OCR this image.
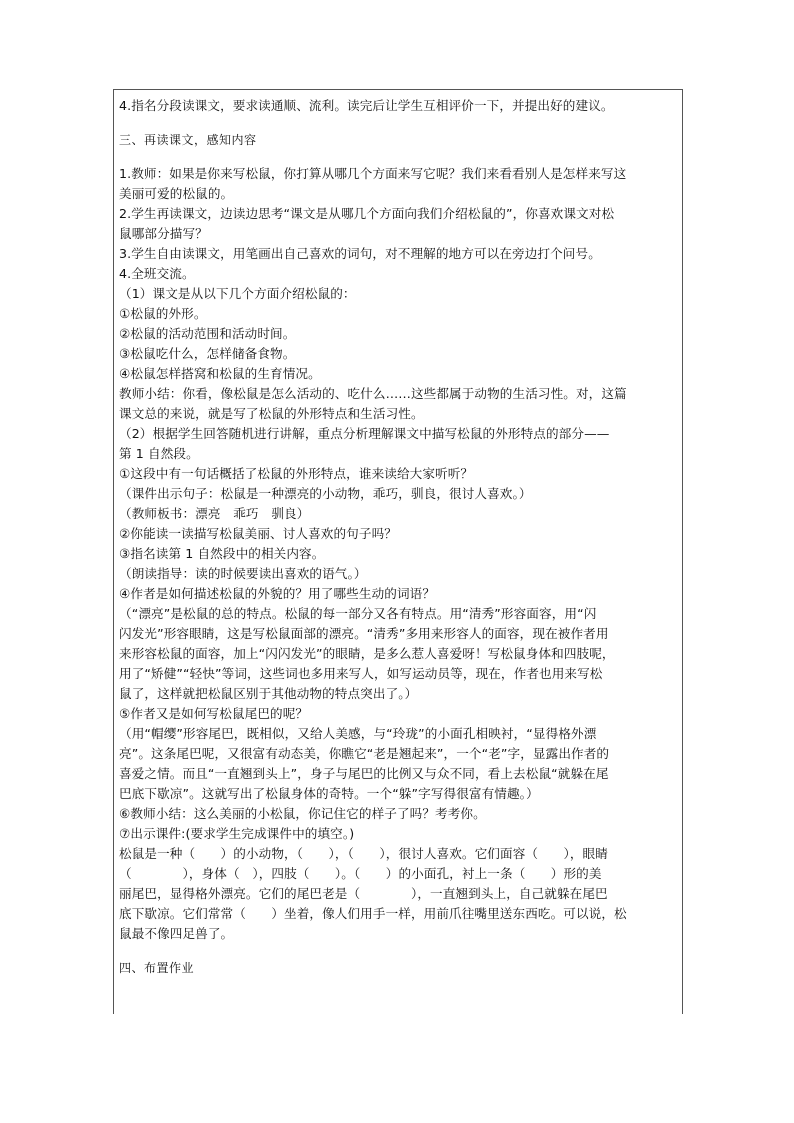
4.指名分段读课文，要求读通顺、流利。读完后让学生互相评价一下，并提出好的建议。

三、再读课文，感知内容

1.教师：如果是你来写松鼠，你打算从哪几个方面来写它呢？我们来看看别人是怎样来写这

美丽可爱的松鼠的。

2.学生再读课文，边读边思考“课文是从哪几个方面向我们介绍松鼠的”，你喜欢课文对松

鼠哪部分描写？

3.学生自由读课文，用笔画出自己喜欢的词句，对不理解的地方可以在旁边打个问号。

4.全班交流。

（1）课文是从以下几个方面介绍松鼠的：

①松鼠的外形。

②松鼠的活动范围和活动时间。

③松鼠吃什么，怎样储备食物。

④松鼠怎样搭窝和松鼠的生育情况。

教师小结：你看，像松鼠是怎么活动的、吃什么……这些都属于动物的生活习性。对，这篇

课文总的来说，就是写了松鼠的外形特点和生活习性。

（2）根据学生回答随机进行讲解，重点分析理解课文中描写松鼠的外形特点的部分——

第 1 自然段。

①这段中有一句话概括了松鼠的外形特点，谁来读给大家听听？

（课件出示句子：松鼠是一种漂亮的小动物，乖巧，驯良，很讨人喜欢。）

（教师板书：漂亮　乖巧　驯良）

②你能读一读描写松鼠美丽、讨人喜欢的句子吗？

③指名读第 1 自然段中的相关内容。

（朗读指导：读的时候要读出喜欢的语气。）

④作者是如何描述松鼠的外貌的？用了哪些生动的词语？

（“漂亮”是松鼠的总的特点。松鼠的每一部分又各有特点。用“清秀”形容面容，用“闪

闪发光”形容眼睛，这是写松鼠面部的漂亮。“清秀”多用来形容人的面容，现在被作者用

来形容松鼠的面容，加上“闪闪发光”的眼睛，是多么惹人喜爱呀！写松鼠身体和四肢呢，

用了“矫健”“轻快”等词，这些词也多用来写人，如写运动员等，现在，作者也用来写松

鼠了，这样就把松鼠区别于其他动物的特点突出了。）

⑤作者又是如何写松鼠尾巴的呢？

（用“帽缨”形容尾巴，既相似，又给人美感，与“玲珑”的小面孔相映衬，“显得格外漂

亮”。这条尾巴呢，又很富有动态美，你瞧它“老是翘起来”，一个“老”字，显露出作者的

喜爱之情。而且“一直翘到头上”，身子与尾巴的比例又与众不同，看上去松鼠“就躲在尾

巴底下歇凉”。这就写出了松鼠身体的奇特。一个“躲”字写得很富有情趣。）

⑥教师小结：这么美丽的小松鼠，你记住它的样子了吗？考考你。

⑦出示课件:(要求学生完成课件中的填空。)

松鼠是一种（　　）的小动物，（　　），（　　），很讨人喜欢。它们面容（　　），眼睛

（　　　　），身体（　），四肢（　　）。（　　）的小面孔，衬上一条（　　）形的美

丽尾巴，显得格外漂亮。它们的尾巴老是（　　　　），一直翘到头上，自己就躲在尾巴

底下歇凉。它们常常（　　）坐着，像人们用手一样，用前爪往嘴里送东西吃。可以说，松

鼠最不像四足兽了。

四、布置作业
